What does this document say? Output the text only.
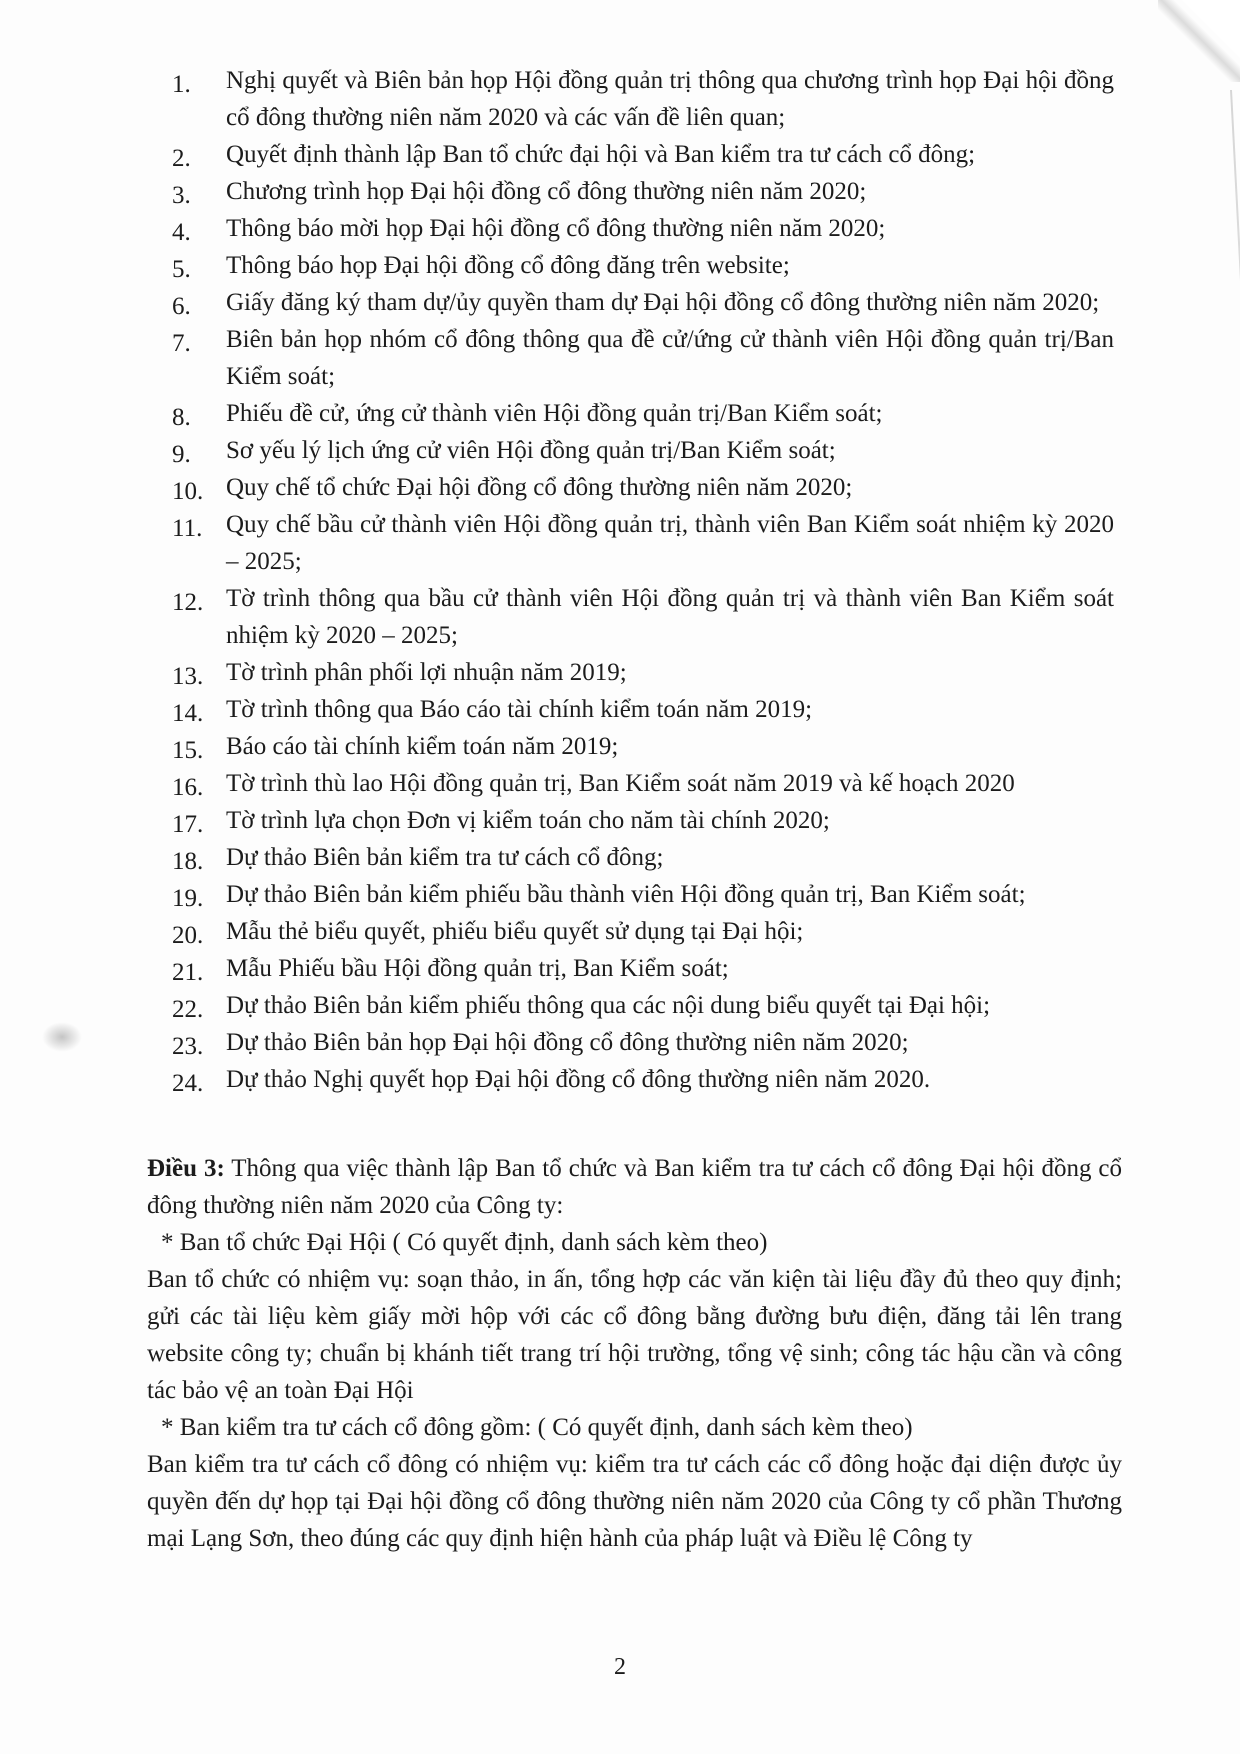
1. Nghị quyết và Biên bản họp Hội đồng quản trị thông qua chương trình họp Đại hội đồng cổ đông thường niên năm 2020 và các vấn đề liên quan;
2. Quyết định thành lập Ban tổ chức đại hội và Ban kiểm tra tư cách cổ đông;
3. Chương trình họp Đại hội đồng cổ đông thường niên năm 2020;
4. Thông báo mời họp Đại hội đồng cổ đông thường niên năm 2020;
5. Thông báo họp Đại hội đồng cổ đông đăng trên website;
6. Giấy đăng ký tham dự/ủy quyền tham dự Đại hội đồng cổ đông thường niên năm 2020;
7. Biên bản họp nhóm cổ đông thông qua đề cử/ứng cử thành viên Hội đồng quản trị/Ban Kiểm soát;
8. Phiếu đề cử, ứng cử thành viên Hội đồng quản trị/Ban Kiểm soát;
9. Sơ yếu lý lịch ứng cử viên Hội đồng quản trị/Ban Kiểm soát;
10. Quy chế tổ chức Đại hội đồng cổ đông thường niên năm 2020;
11. Quy chế bầu cử thành viên Hội đồng quản trị, thành viên Ban Kiểm soát nhiệm kỳ 2020 – 2025;
12. Tờ trình thông qua bầu cử thành viên Hội đồng quản trị và thành viên Ban Kiểm soát nhiệm kỳ 2020 – 2025;
13. Tờ trình phân phối lợi nhuận năm 2019;
14. Tờ trình thông qua Báo cáo tài chính kiểm toán năm 2019;
15. Báo cáo tài chính kiểm toán năm 2019;
16. Tờ trình thù lao Hội đồng quản trị, Ban Kiểm soát năm 2019 và kế hoạch 2020
17. Tờ trình lựa chọn Đơn vị kiểm toán cho năm tài chính 2020;
18. Dự thảo Biên bản kiểm tra tư cách cổ đông;
19. Dự thảo Biên bản kiểm phiếu bầu thành viên Hội đồng quản trị, Ban Kiểm soát;
20. Mẫu thẻ biểu quyết, phiếu biểu quyết sử dụng tại Đại hội;
21. Mẫu Phiếu bầu Hội đồng quản trị, Ban Kiểm soát;
22. Dự thảo Biên bản kiểm phiếu thông qua các nội dung biểu quyết tại Đại hội;
23. Dự thảo Biên bản họp Đại hội đồng cổ đông thường niên năm 2020;
24. Dự thảo Nghị quyết họp Đại hội đồng cổ đông thường niên năm 2020.

Điều 3: Thông qua việc thành lập Ban tổ chức và Ban kiểm tra tư cách cổ đông Đại hội đồng cổ đông thường niên năm 2020 của Công ty:

* Ban tổ chức Đại Hội ( Có quyết định, danh sách kèm theo)

Ban tổ chức có nhiệm vụ: soạn thảo, in ấn, tổng hợp các văn kiện tài liệu đầy đủ theo quy định; gửi các tài liệu kèm giấy mời hộp với các cổ đông bằng đường bưu điện, đăng tải lên trang website công ty; chuẩn bị khánh tiết trang trí hội trường, tổng vệ sinh; công tác hậu cần và công tác bảo vệ an toàn Đại Hội

* Ban kiểm tra tư cách cổ đông gồm: ( Có quyết định, danh sách kèm theo)

Ban kiểm tra tư cách cổ đông có nhiệm vụ: kiểm tra tư cách các cổ đông hoặc đại diện được ủy quyền đến dự họp tại Đại hội đồng cổ đông thường niên năm 2020 của Công ty cổ phần Thương mại Lạng Sơn, theo đúng các quy định hiện hành của pháp luật và Điều lệ Công ty

2
